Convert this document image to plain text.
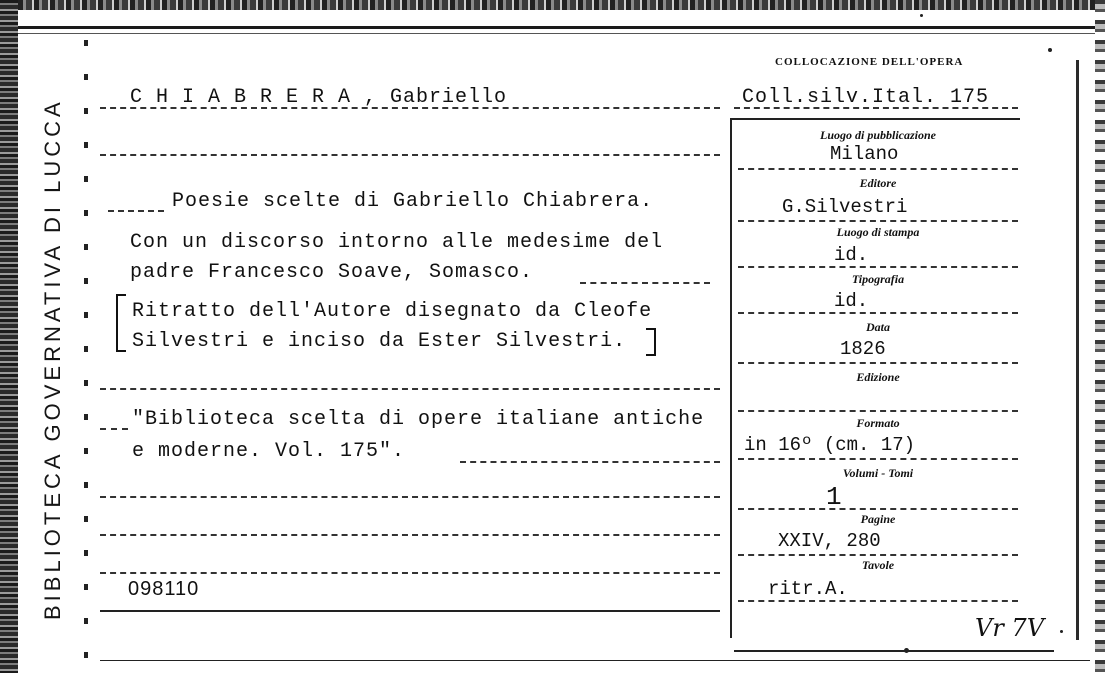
BIBLIOTECA GOVERNATIVA DI LUCCA
C H I A B R E R A , Gabriello
Poesie scelte di Gabriello Chiabrera.
Con un discorso intorno alle medesime del
padre Francesco Soave, Somasco.
Ritratto dell'Autore disegnato da Cleofe
Silvestri e inciso da Ester Silvestri.
"Biblioteca scelta di opere italiane antiche
e moderne. Vol. 175".
098110
COLLOCAZIONE DELL'OPERA
Coll.silv.Ital. 175
Luogo di pubblicazione
Milano
Editore
G.Silvestri
Luogo di stampa
id.
Tipografia
id.
Data
1826
Edizione
Formato
in 16º (cm. 17)
Volumi - Tomi
1
Pagine
XXIV, 280
Tavole
ritr.A.
Vr 7V
